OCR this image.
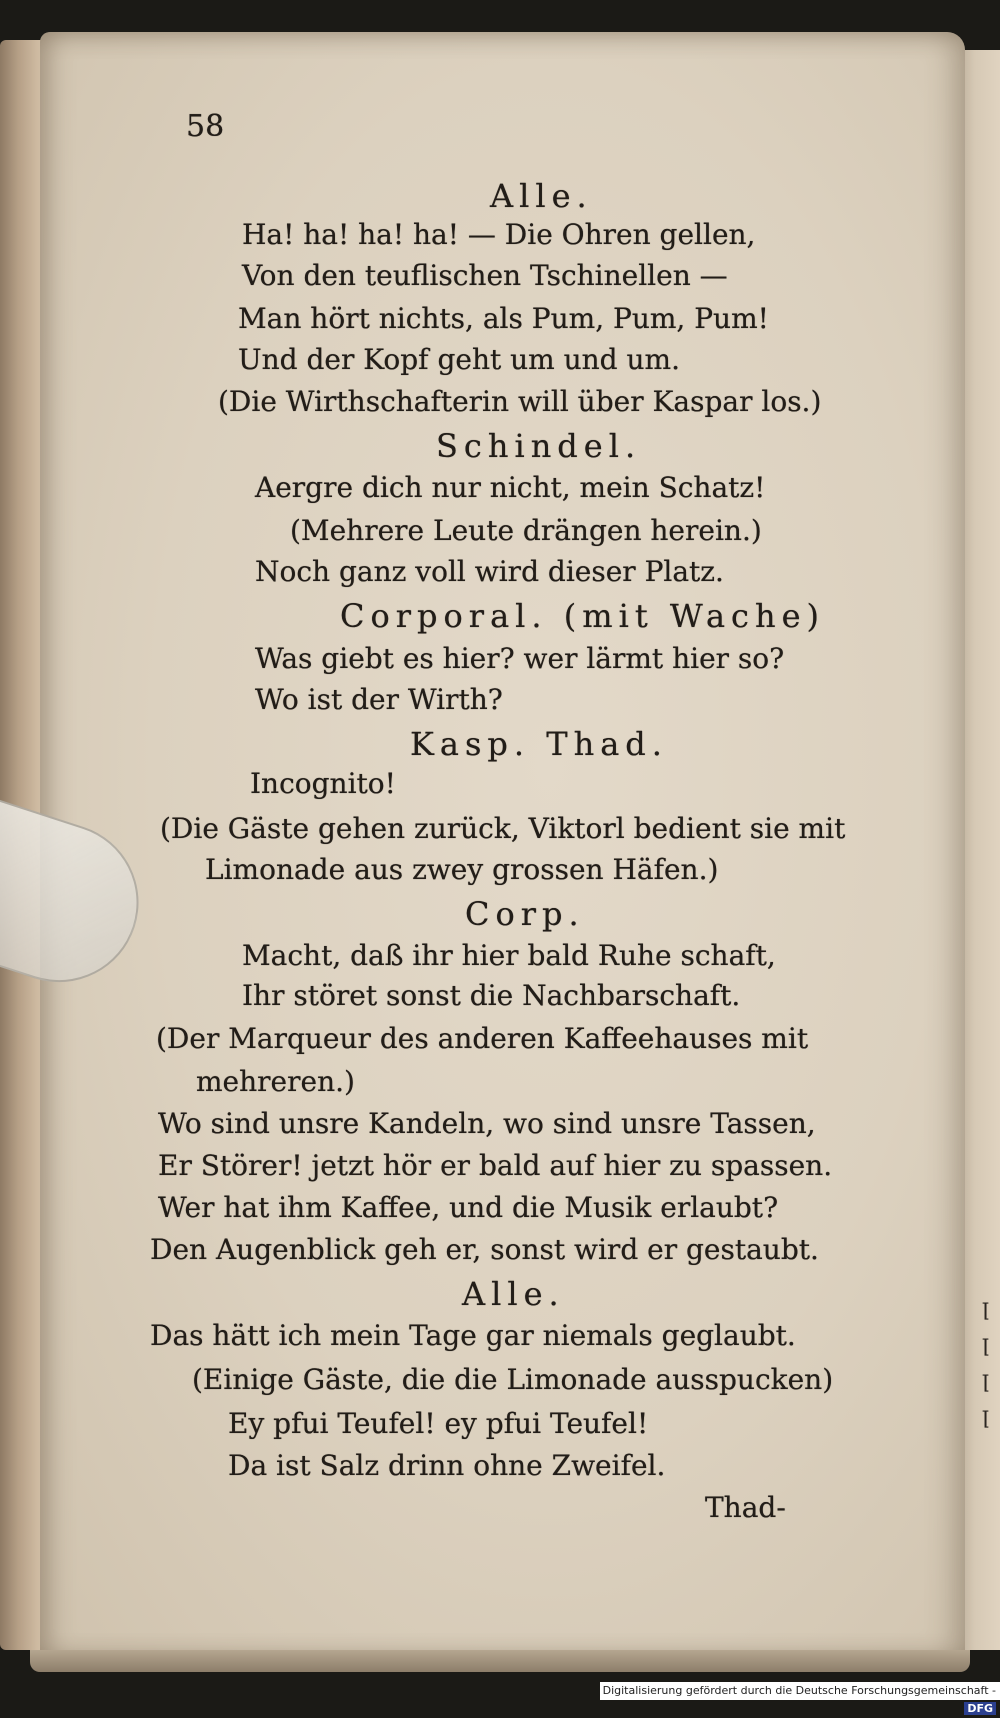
ꞁ
ꞁ
ꞁ
ꞁ
58
Alle.
Ha! ha! ha! ha! — Die Ohren gellen,
Von den teuflischen Tschinellen —
Man hört nichts, als Pum, Pum, Pum!
Und der Kopf geht um und um.
(Die Wirthschafterin will über Kaspar los.)
Schindel.
Aergre dich nur nicht, mein Schatz!
(Mehrere Leute drängen herein.)
Noch ganz voll wird dieser Platz.
Corporal. (mit Wache)
Was giebt es hier? wer lärmt hier so?
Wo ist der Wirth?
Kasp. Thad.
Incognito!
(Die Gäste gehen zurück, Viktorl bedient sie mit
Limonade aus zwey grossen Häfen.)
Corp.
Macht, daß ihr hier bald Ruhe schaft,
Ihr störet sonst die Nachbarschaft.
(Der Marqueur des anderen Kaffeehauses mit
mehreren.)
Wo sind unsre Kandeln, wo sind unsre Tassen,
Er Störer! jetzt hör er bald auf hier zu spassen.
Wer hat ihm Kaffee, und die Musik erlaubt?
Den Augenblick geh er, sonst wird er gestaubt.
Alle.
Das hätt ich mein Tage gar niemals geglaubt.
(Einige Gäste, die die Limonade ausspucken)
Ey pfui Teufel! ey pfui Teufel!
Da ist Salz drinn ohne Zweifel.
Thad-
Digitalisierung gefördert durch die Deutsche Forschungsgemeinschaft - DFG
